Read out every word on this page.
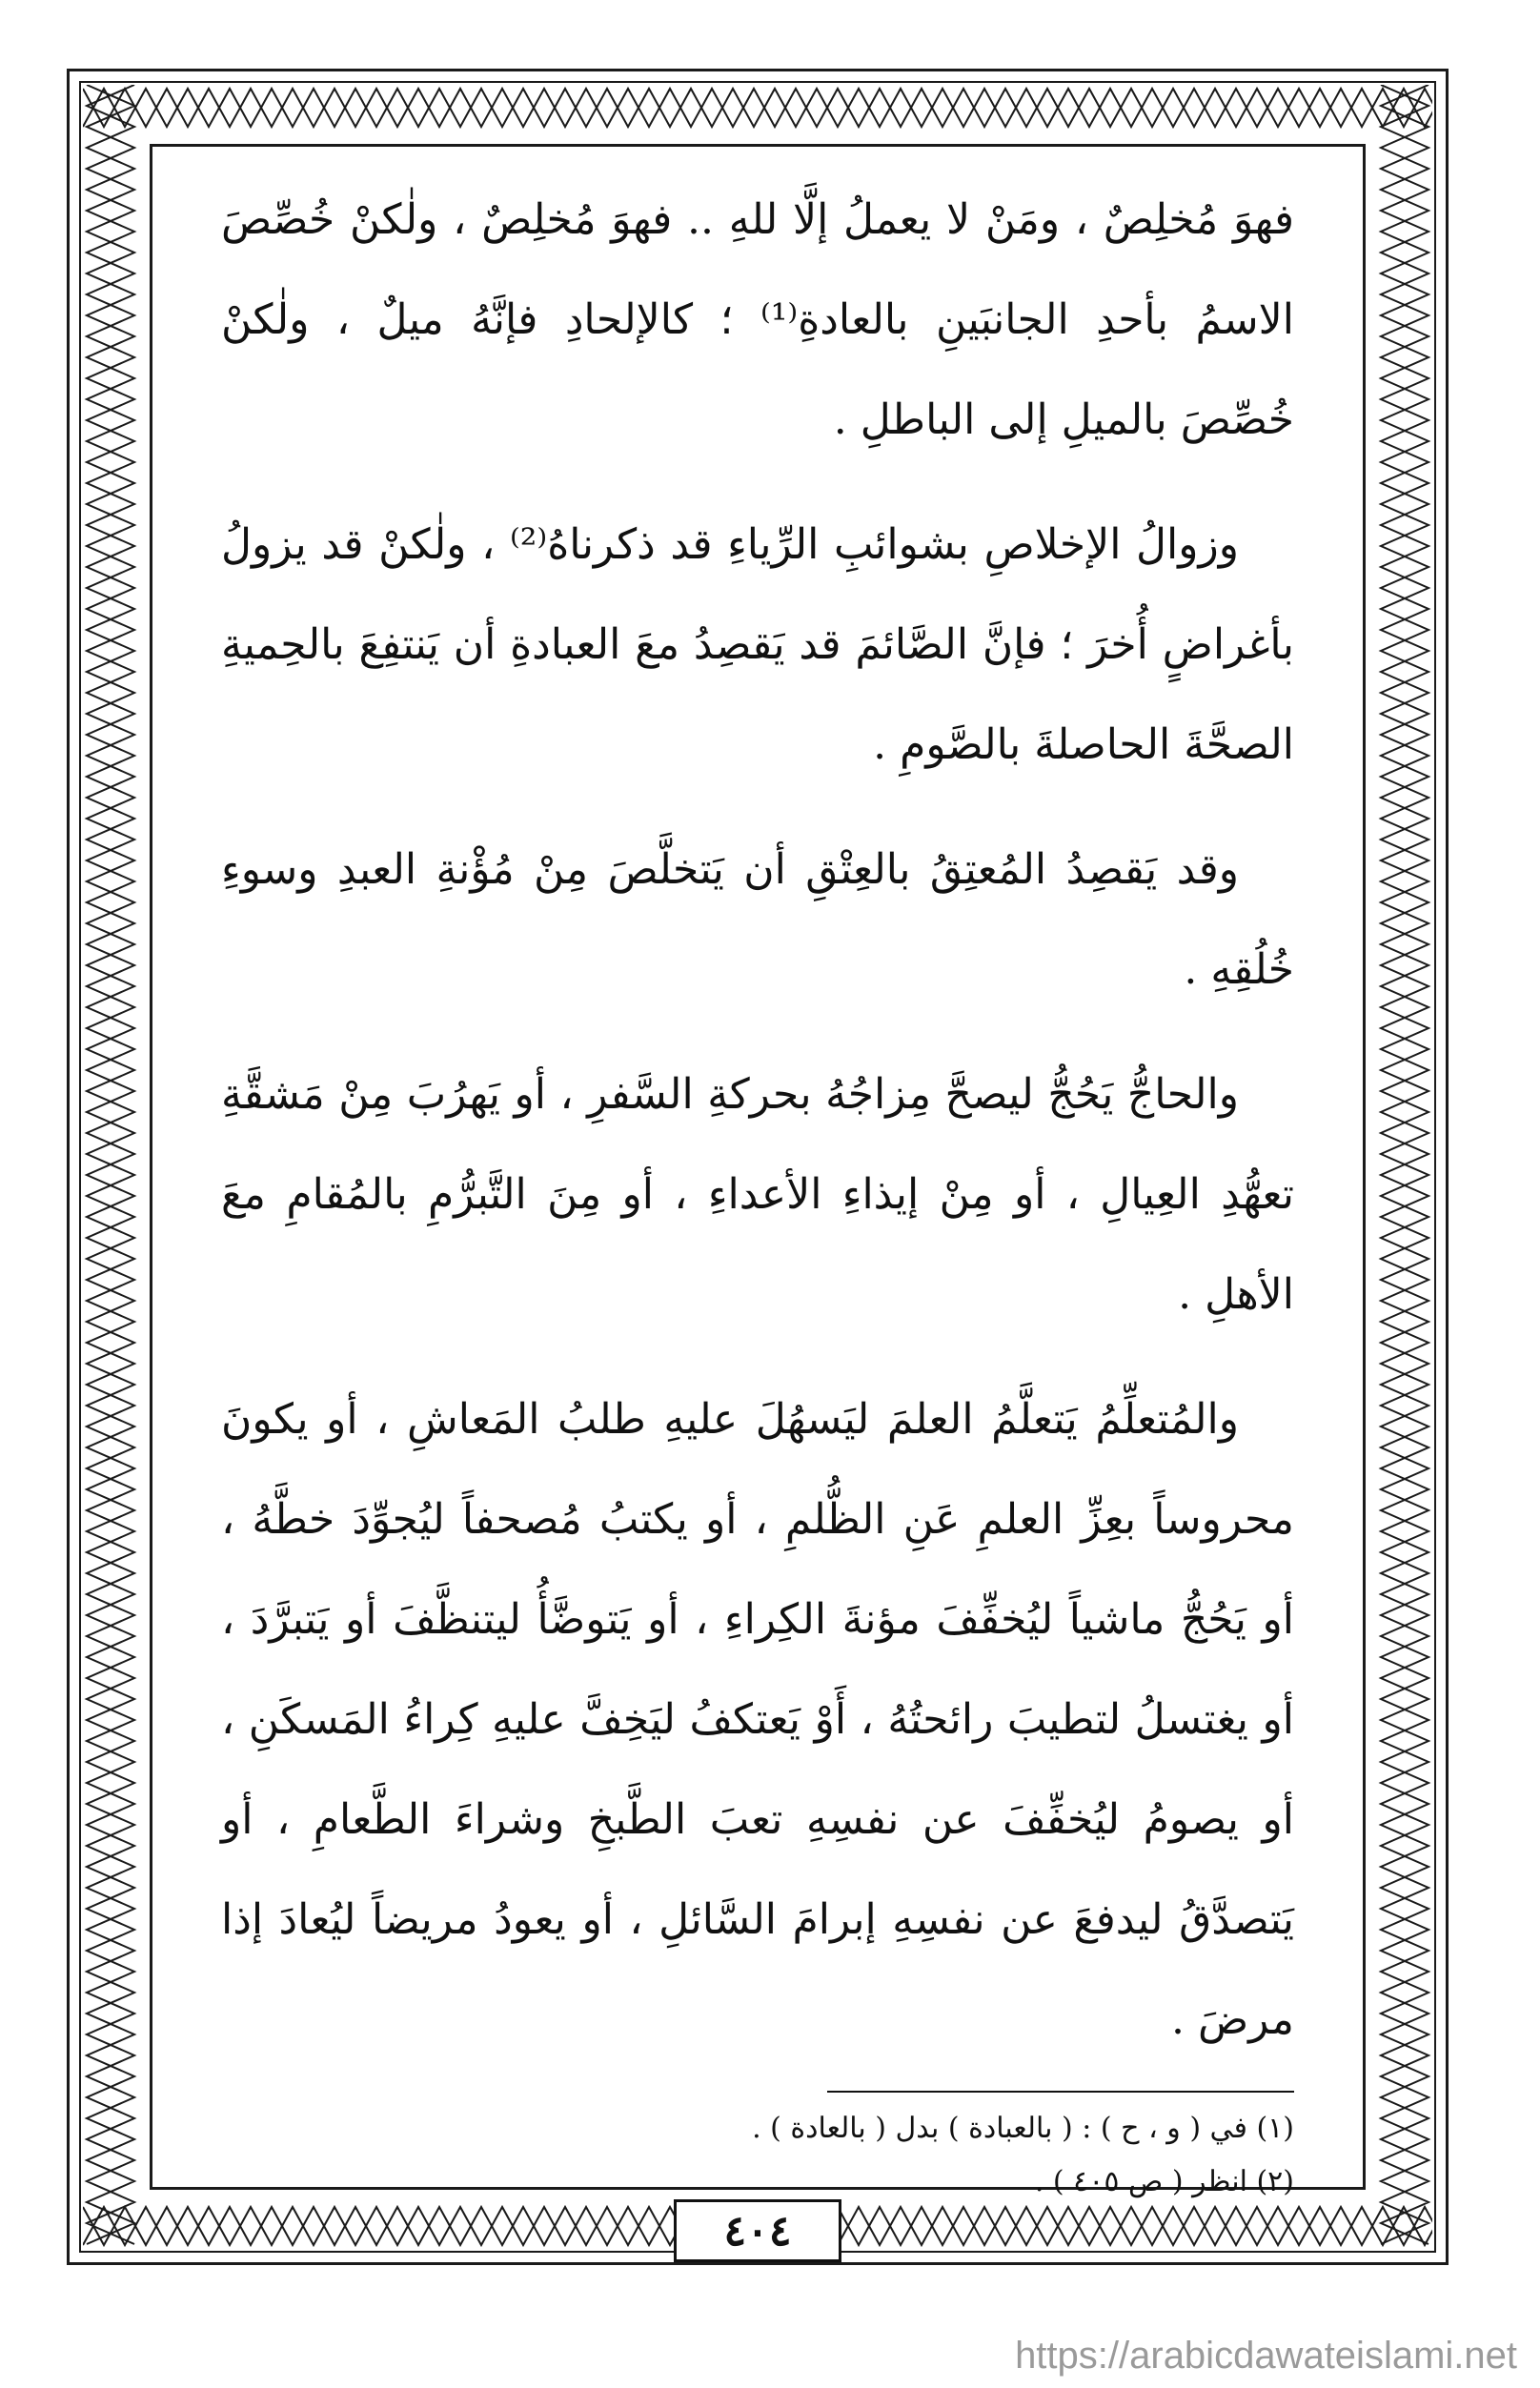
فهوَ مُخلِصٌ ، ومَنْ لا يعملُ إلَّا للهِ .. فهوَ مُخلِصٌ ، ولٰكنْ خُصِّصَ الاسمُ بأحدِ الجانبَينِ بالعادةِ⁽¹⁾ ؛ كالإلحادِ فإنَّهُ ميلٌ ، ولٰكنْ خُصِّصَ بالميلِ إلى الباطلِ .

وزوالُ الإخلاصِ بشوائبِ الرِّياءِ قد ذكرناهُ⁽²⁾ ، ولٰكنْ قد يزولُ بأغراضٍ أُخرَ ؛ فإنَّ الصَّائمَ قد يَقصِدُ معَ العبادةِ أن يَنتفِعَ بالحِميةِ الصحَّةَ الحاصلةَ بالصَّومِ .

وقد يَقصِدُ المُعتِقُ بالعِتْقِ أن يَتخلَّصَ مِنْ مُؤْنةِ العبدِ وسوءِ خُلُقِهِ .

والحاجُّ يَحُجُّ ليصحَّ مِزاجُهُ بحركةِ السَّفرِ ، أو يَهرُبَ مِنْ مَشقَّةِ تعهُّدِ العِيالِ ، أو مِنْ إيذاءِ الأعداءِ ، أو مِنَ التَّبرُّمِ بالمُقامِ معَ الأهلِ .

والمُتعلِّمُ يَتعلَّمُ العلمَ ليَسهُلَ عليهِ طلبُ المَعاشِ ، أو يكونَ محروساً بعِزِّ العلمِ عَنِ الظُّلمِ ، أو يكتبُ مُصحفاً ليُجوِّدَ خطَّهُ ، أو يَحُجُّ ماشياً ليُخفِّفَ مؤنةَ الكِراءِ ، أو يَتوضَّأُ ليتنظَّفَ أو يَتبرَّدَ ، أو يغتسلُ لتطيبَ رائحتُهُ ، أَوْ يَعتكفُ ليَخِفَّ عليهِ كِراءُ المَسكَنِ ، أو يصومُ ليُخفِّفَ عن نفسِهِ تعبَ الطَّبخِ وشراءَ الطَّعامِ ، أو يَتصدَّقُ ليدفعَ عن نفسِهِ إبرامَ السَّائلِ ، أو يعودُ مريضاً ليُعادَ إذا مرضَ .

(١) في ( و ، ح ) : ( بالعبادة ) بدل ( بالعادة ) .
(٢) انظر ( ص ٤٠٥ ) .
٤٠٤
https://arabicdawateislami.net
